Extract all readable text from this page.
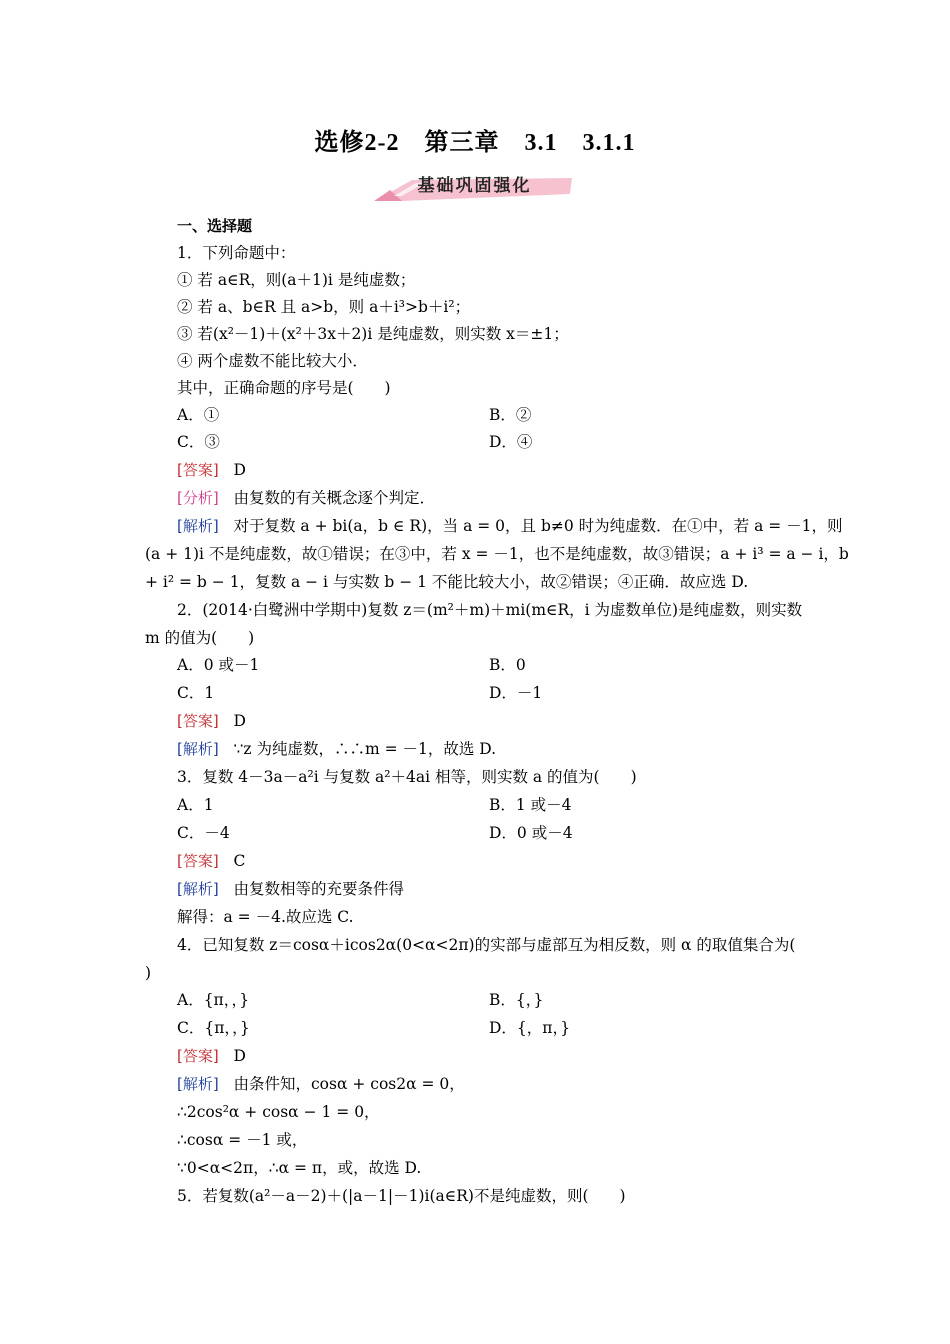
选修2-2　第三章　3.1　3.1.1
基础巩固强化
一、选择题
1．下列命题中：
① 若 a∈R，则(a＋1)i 是纯虚数；
② 若 a、b∈R 且 a>b，则 a＋i³>b＋i²；
③ 若(x²－1)＋(x²＋3x＋2)i 是纯虚数，则实数 x＝±1；
④ 两个虚数不能比较大小．
其中，正确命题的序号是(　　)
A．①	B．②
C．③	D．④
[答案] D
[分析] 由复数的有关概念逐个判定．
[解析] 对于复数 a + bi(a，b ∈ R)，当 a = 0，且 b≠0 时为纯虚数．在①中，若 a = －1，则
(a + 1)i 不是纯虚数，故①错误；在③中，若 x = －1，也不是纯虚数，故③错误；a + i³ = a − i，b
+ i² = b − 1，复数 a − i 与实数 b − 1 不能比较大小，故②错误；④正确．故应选 D.
2．(2014·白鹭洲中学期中)复数 z＝(m²＋m)＋mi(m∈R，i 为虚数单位)是纯虚数，则实数
m 的值为(　　)
A．0 或－1	B．0
C．1	D．－1
[答案] D
[解析] ∵z 为纯虚数，∴∴m = －1，故选 D.
3．复数 4－3a－a²i 与复数 a²＋4ai 相等，则实数 a 的值为(　　)
A．1	B．1 或－4
C．－4	D．0 或－4
[答案] C
[解析] 由复数相等的充要条件得
解得：a = －4.故应选 C.
4．已知复数 z＝cosα＋icos2α(0<α<2π)的实部与虚部互为相反数，则 α 的取值集合为(
)
A．{π，，}	B．{，}
C．{π，，}	D．{，π，}
[答案] D
[解析] 由条件知，cosα + cos2α = 0，
∴2cos²α + cosα − 1 = 0，
∴cosα = －1 或，
∵0<α<2π，∴α = π，或，故选 D.
5．若复数(a²－a－2)＋(|a－1|－1)i(a∈R)不是纯虚数，则(　　)
